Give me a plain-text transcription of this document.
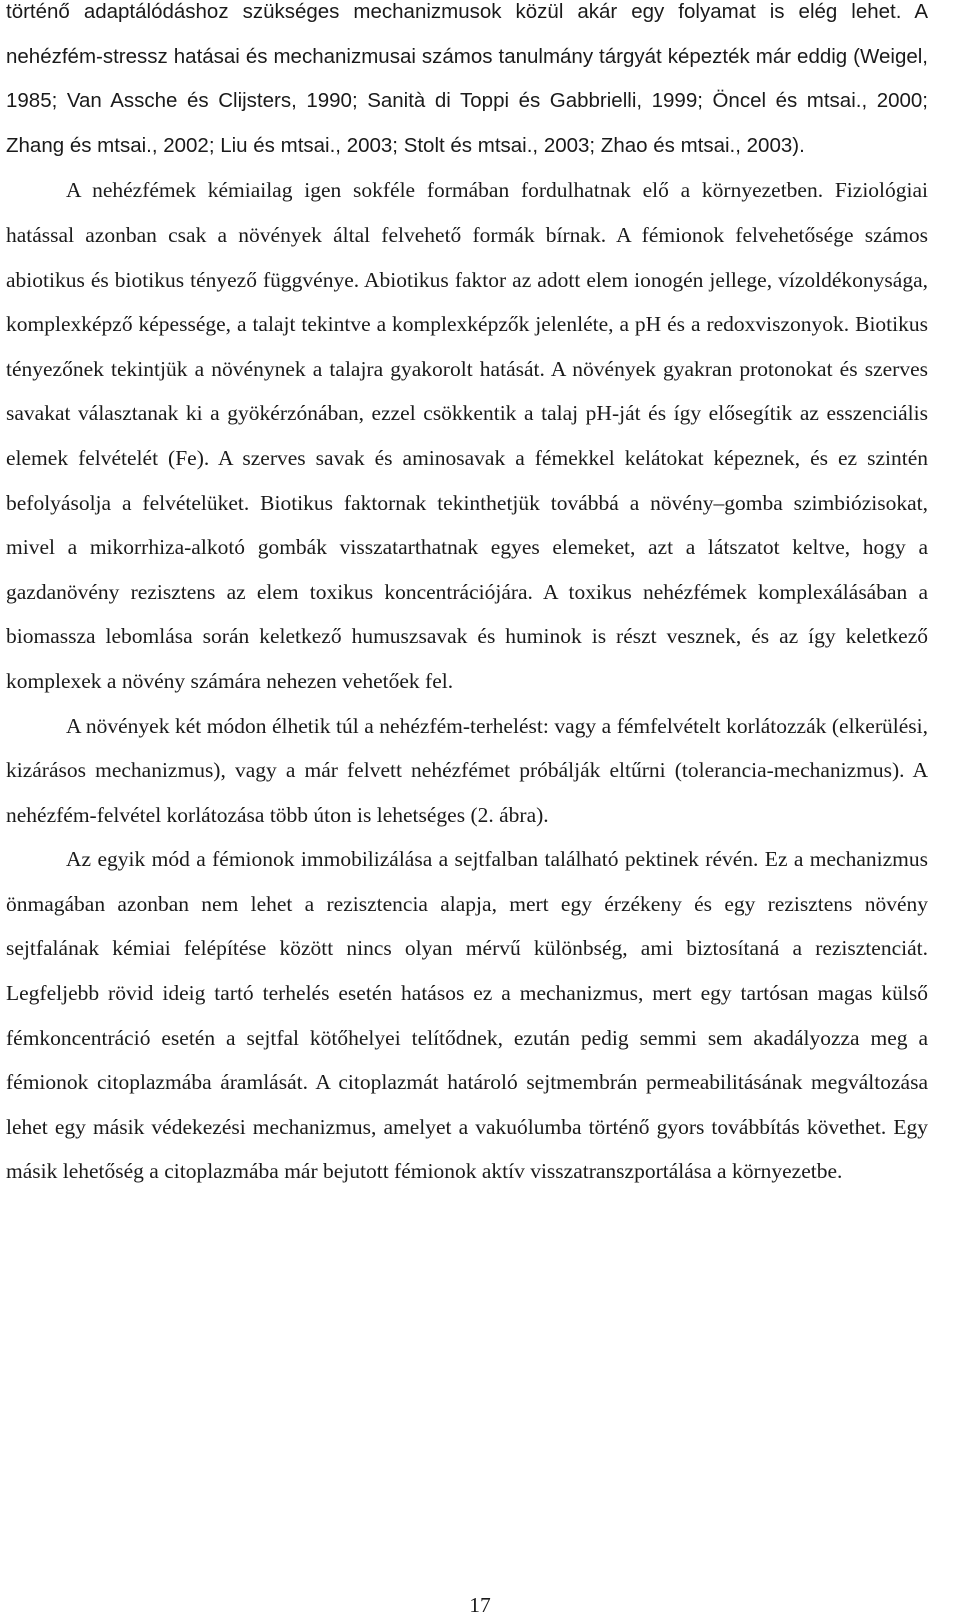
történő adaptálódáshoz szükséges mechanizmusok közül akár egy folyamat is elég lehet. A nehézfém-stressz hatásai és mechanizmusai számos tanulmány tárgyát képezték már eddig (Weigel, 1985; Van Assche és Clijsters, 1990; Sanità di Toppi és Gabbrielli, 1999; Öncel és mtsai., 2000; Zhang és mtsai., 2002; Liu és mtsai., 2003; Stolt és mtsai., 2003; Zhao és mtsai., 2003).

A nehézfémek kémiailag igen sokféle formában fordulhatnak elő a környezetben. Fiziológiai hatással azonban csak a növények által felvehető formák bírnak. A fémionok felvehetősége számos abiotikus és biotikus tényező függvénye. Abiotikus faktor az adott elem ionogén jellege, vízoldékonysága, komplexképző képessége, a talajt tekintve a komplexképzők jelenléte, a pH és a redoxviszonyok. Biotikus tényezőnek tekintjük a növénynek a talajra gyakorolt hatását. A növények gyakran protonokat és szerves savakat választanak ki a gyökérzónában, ezzel csökkentik a talaj pH-ját és így elősegítik az esszenciális elemek felvételét (Fe). A szerves savak és aminosavak a fémekkel kelátokat képeznek, és ez szintén befolyásolja a felvételüket. Biotikus faktornak tekinthetjük továbbá a növény–gomba szimbiózisokat, mivel a mikorrhiza-alkotó gombák visszatarthatnak egyes elemeket, azt a látszatot keltve, hogy a gazdanövény rezisztens az elem toxikus koncentrációjára. A toxikus nehézfémek komplexálásában a biomassza lebomlása során keletkező humuszsavak és huminok is részt vesznek, és az így keletkező komplexek a növény számára nehezen vehetőek fel.

A növények két módon élhetik túl a nehézfém-terhelést: vagy a fémfelvételt korlátozzák (elkerülési, kizárásos mechanizmus), vagy a már felvett nehézfémet próbálják eltűrni (tolerancia-mechanizmus). A nehézfém-felvétel korlátozása több úton is lehetséges (2. ábra).

Az egyik mód a fémionok immobilizálása a sejtfalban található pektinek révén. Ez a mechanizmus önmagában azonban nem lehet a rezisztencia alapja, mert egy érzékeny és egy rezisztens növény sejtfalának kémiai felépítése között nincs olyan mérvű különbség, ami biztosítaná a rezisztenciát. Legfeljebb rövid ideig tartó terhelés esetén hatásos ez a mechanizmus, mert egy tartósan magas külső fémkoncentráció esetén a sejtfal kötőhelyei telítődnek, ezután pedig semmi sem akadályozza meg a fémionok citoplazmába áramlását. A citoplazmát határoló sejtmembrán permeabilitásának megváltozása lehet egy másik védekezési mechanizmus, amelyet a vakuólumba történő gyors továbbítás követhet. Egy másik lehetőség a citoplazmába már bejutott fémionok aktív visszatranszportálása a környezetbe.

17
